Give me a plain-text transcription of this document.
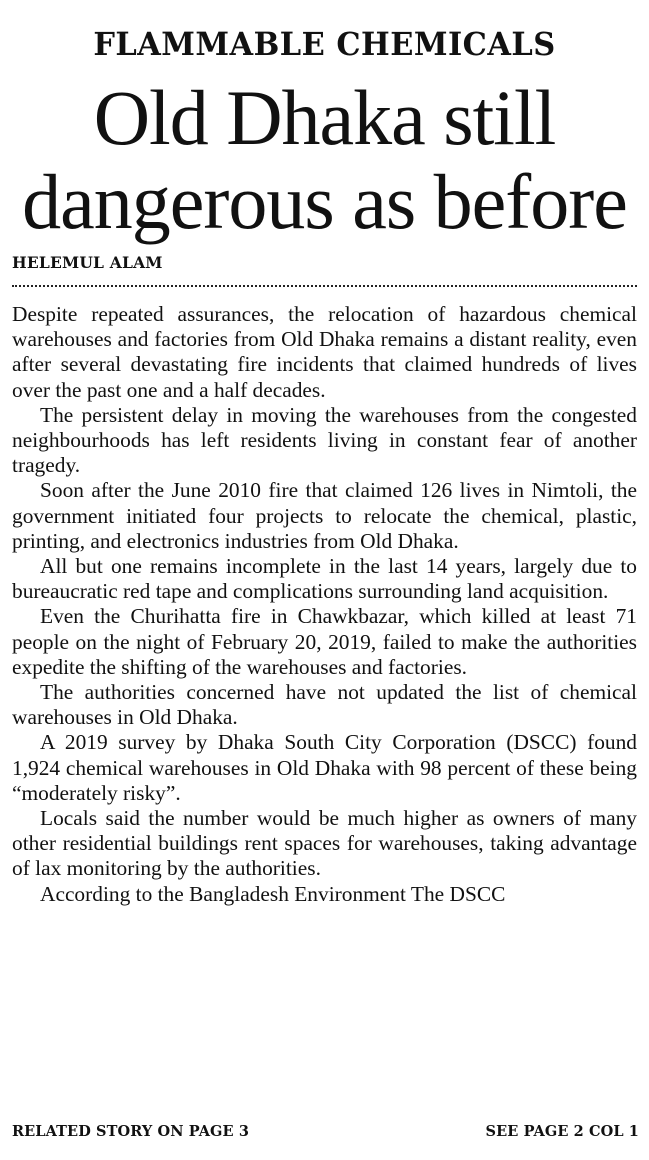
FLAMMABLE CHEMICALS
Old Dhaka still
dangerous as before
HELEMUL ALAM

Despite repeated assurances, the relocation of hazardous chemical warehouses and factories from Old Dhaka remains a distant reality, even after several devastating fire incidents that claimed hundreds of lives over the past one and a half decades.

The persistent delay in moving the warehouses from the congested neighbourhoods has left residents living in constant fear of another tragedy.

Soon after the June 2010 fire that claimed 126 lives in Nimtoli, the government initiated four projects to relocate the chemical, plastic, printing, and electronics industries from Old Dhaka.

All but one remains incomplete in the last 14 years, largely due to bureaucratic red tape and complications surrounding land acquisition.

Even the Churihatta fire in Chawkbazar, which killed at least 71 people on the night of February 20, 2019, failed to make the authorities expedite the shifting of the warehouses and factories.

The authorities concerned have not updated the list of chemical warehouses in Old Dhaka.

A 2019 survey by Dhaka South City Corporation (DSCC) found 1,924 chemical warehouses in Old Dhaka with 98 percent of these being “moderately risky”.

Locals said the number would be much higher as owners of many other residential buildings rent spaces for warehouses, taking advantage of lax monitoring by the authorities.

According to the Bangladesh Environment The DSCC

RELATED STORY ON PAGE 3	SEE PAGE 2 COL 1
